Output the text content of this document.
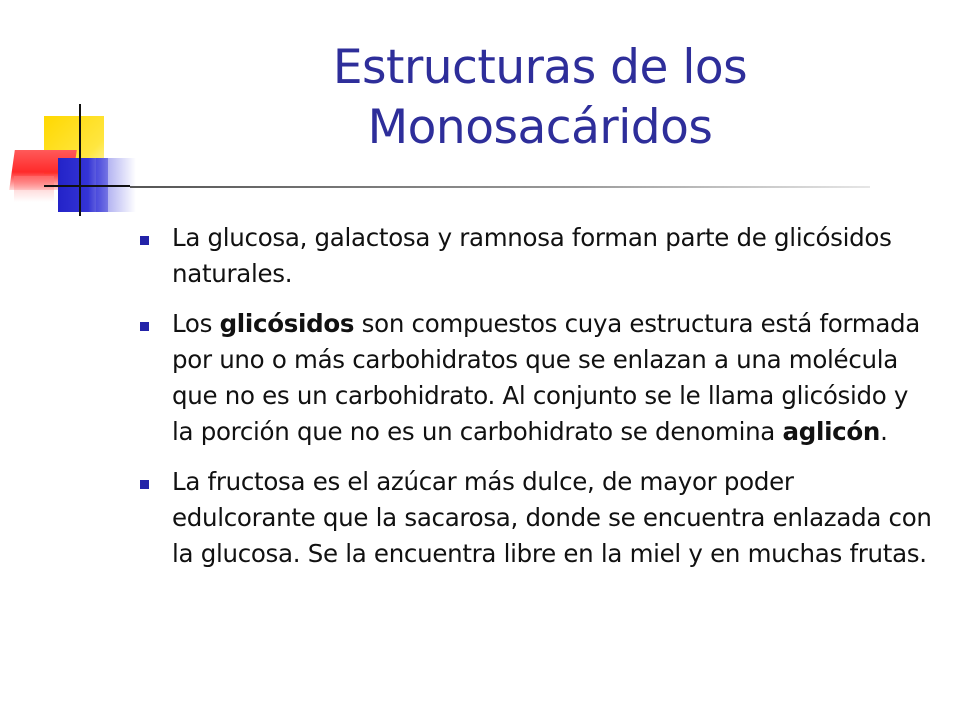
Estructuras de los
Monosacáridos
La glucosa, galactosa y ramnosa forman parte de glicósidos naturales.
Los glicósidos son compuestos cuya estructura está formada por uno o más carbohidratos que se enlazan a una molécula que no es un carbohidrato. Al conjunto se le llama glicósido y la porción que no es un carbohidrato se denomina aglicón.
La fructosa es el azúcar más dulce, de mayor poder edulcorante que la sacarosa, donde se encuentra enlazada con la glucosa. Se la encuentra libre en la miel y en muchas frutas.
